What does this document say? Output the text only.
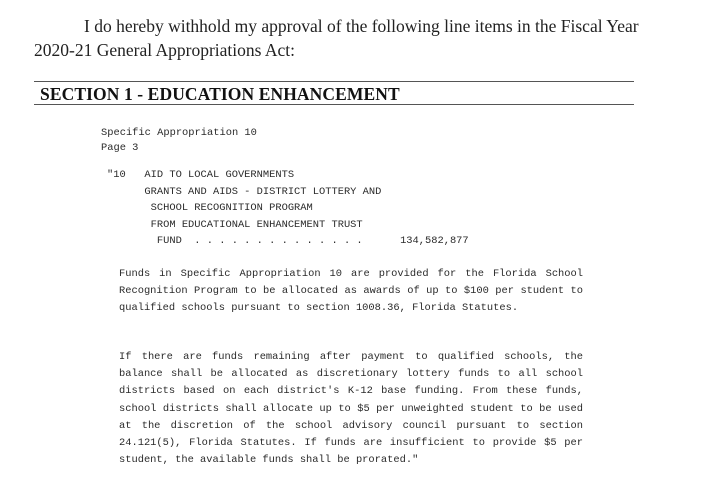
I do hereby withhold my approval of the following line items in the Fiscal Year 2020-21 General Appropriations Act:
SECTION 1 - EDUCATION ENHANCEMENT
Specific Appropriation 10
Page 3
"10   AID TO LOCAL GOVERNMENTS
GRANTS AND AIDS - DISTRICT LOTTERY AND
SCHOOL RECOGNITION PROGRAM
FROM EDUCATIONAL ENHANCEMENT TRUST
FUND  . . . . . . . . . . . . . .      134,582,877
Funds in Specific Appropriation 10 are provided for the Florida School Recognition Program to be allocated as awards of up to $100 per student to qualified schools pursuant to section 1008.36, Florida Statutes.
If there are funds remaining after payment to qualified schools, the balance shall be allocated as discretionary lottery funds to all school districts based on each district's K-12 base funding. From these funds, school districts shall allocate up to $5 per unweighted student to be used at the discretion of the school advisory council pursuant to section 24.121(5), Florida Statutes. If funds are insufficient to provide $5 per student, the available funds shall be prorated."
